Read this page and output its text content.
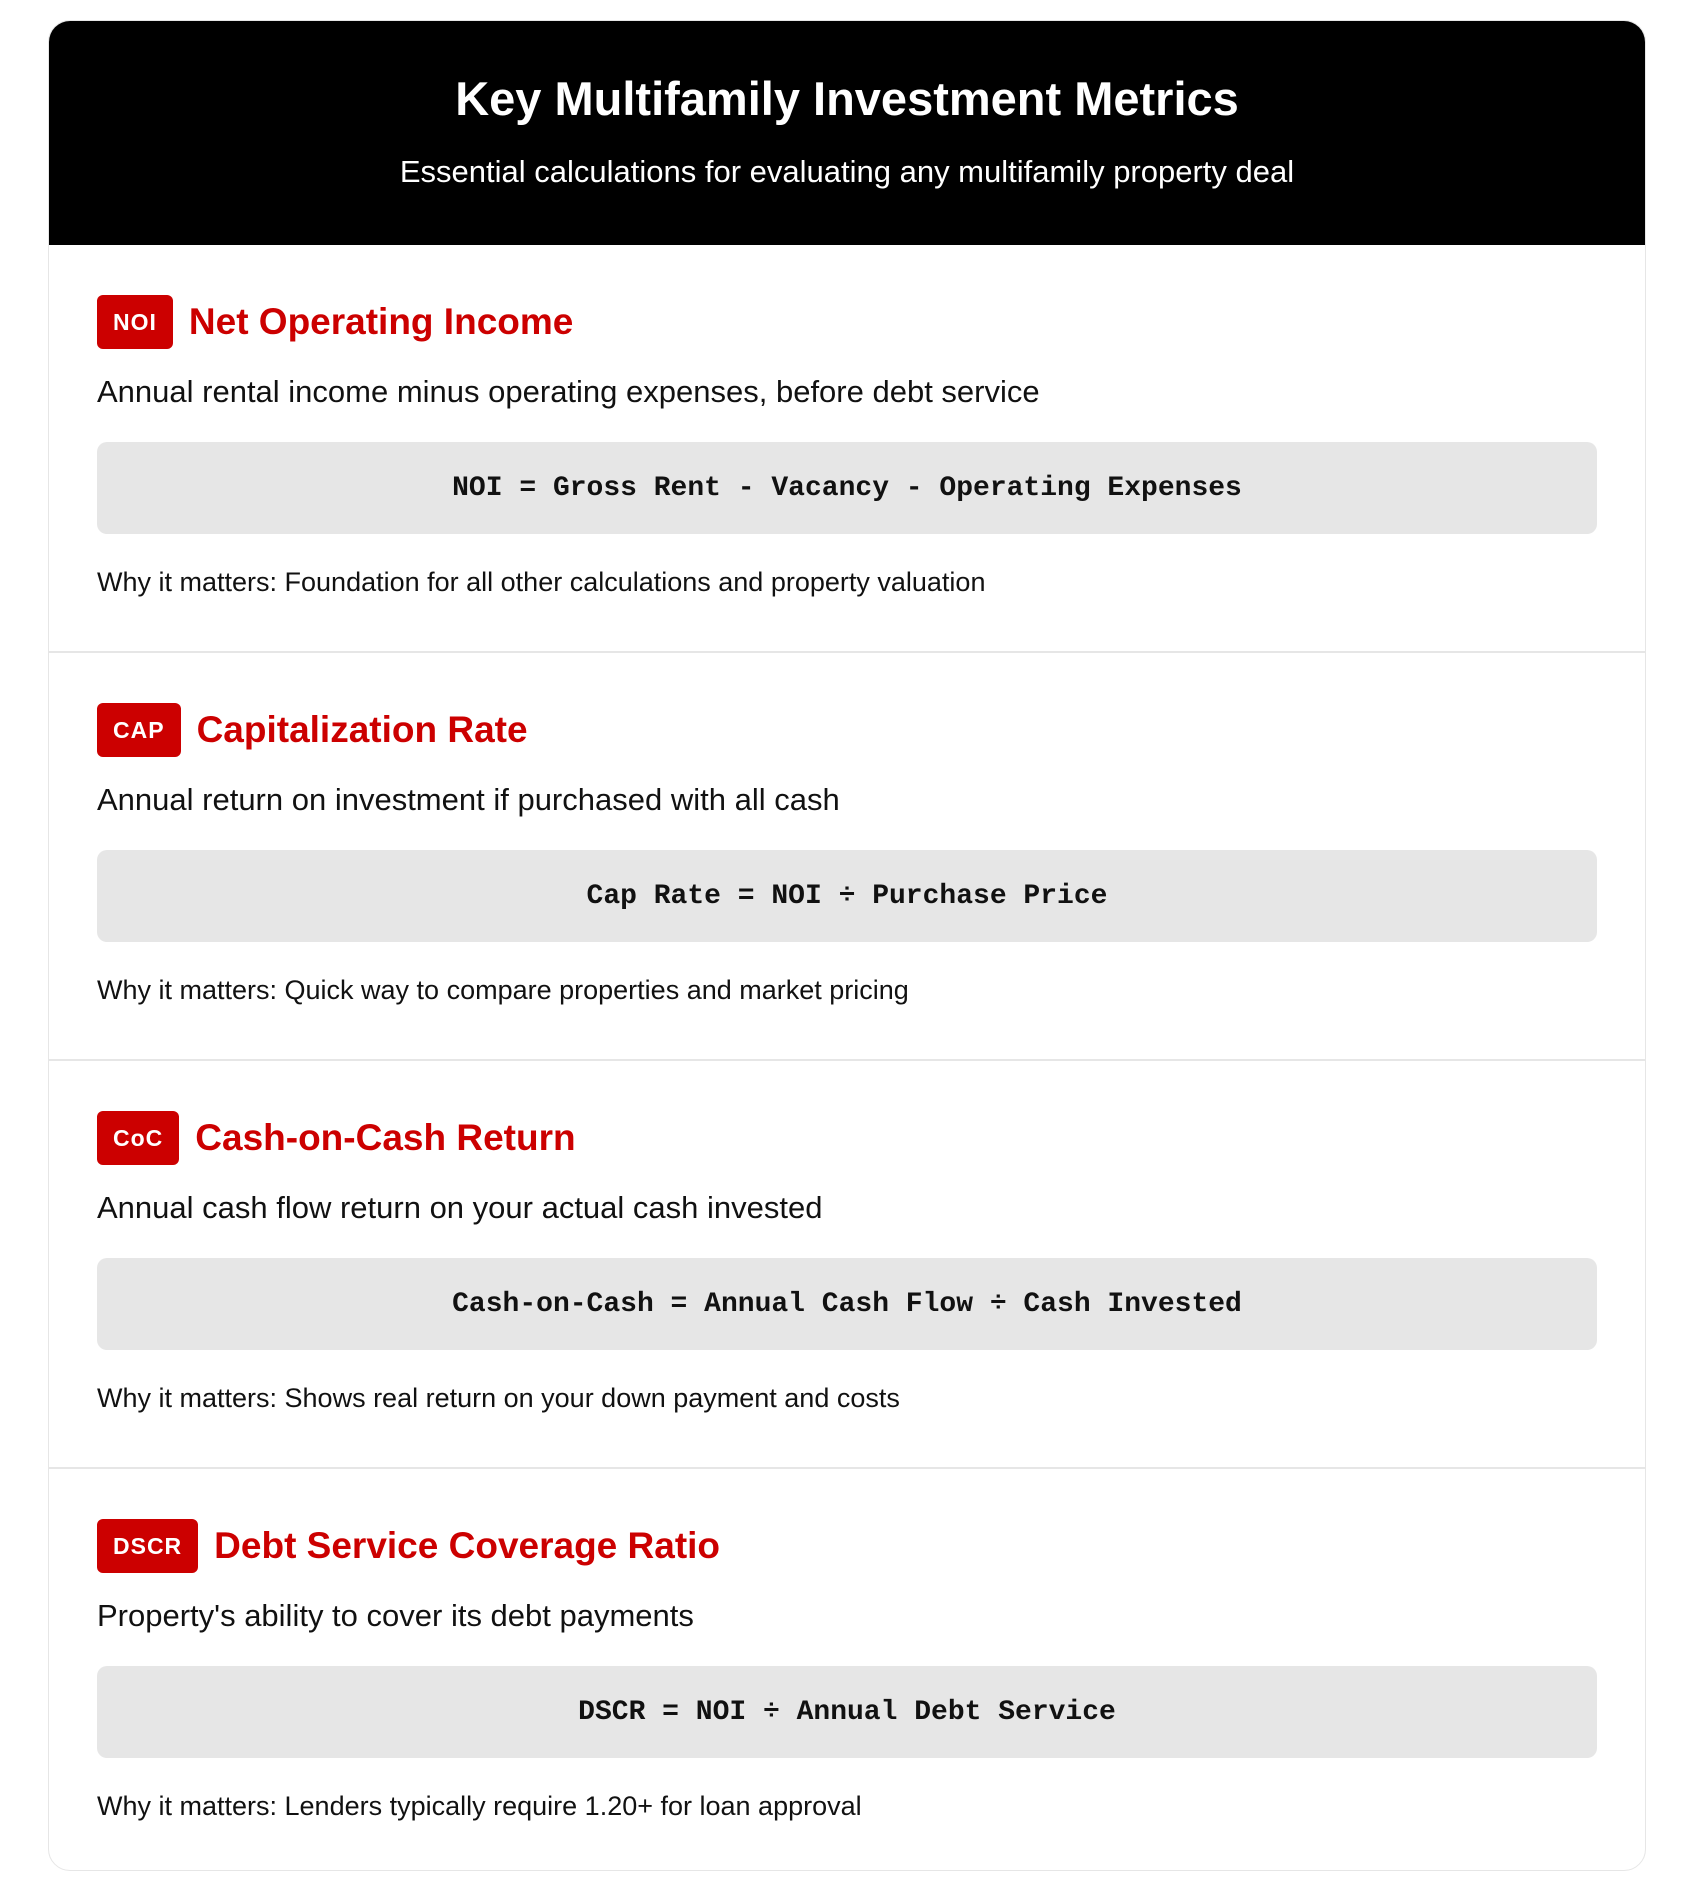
Key Multifamily Investment Metrics

Essential calculations for evaluating any multifamily property deal

NOI Net Operating Income

Annual rental income minus operating expenses, before debt service

NOI = Gross Rent - Vacancy - Operating Expenses

Why it matters: Foundation for all other calculations and property valuation

CAP Capitalization Rate

Annual return on investment if purchased with all cash

Cap Rate = NOI ÷ Purchase Price

Why it matters: Quick way to compare properties and market pricing

CoC Cash-on-Cash Return

Annual cash flow return on your actual cash invested

Cash-on-Cash = Annual Cash Flow ÷ Cash Invested

Why it matters: Shows real return on your down payment and costs

DSCR Debt Service Coverage Ratio

Property's ability to cover its debt payments

DSCR = NOI ÷ Annual Debt Service

Why it matters: Lenders typically require 1.20+ for loan approval
